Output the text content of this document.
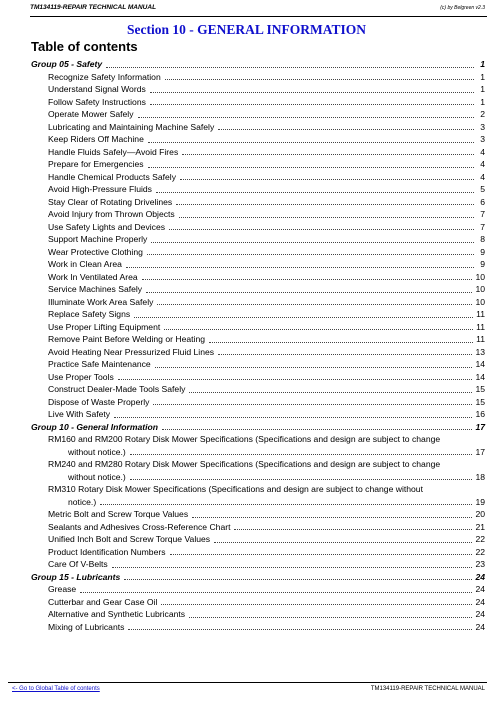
TM134119-REPAIR TECHNICAL MANUAL	(c) by Belgreen v2.3
Section 10 - GENERAL INFORMATION
Table of contents
Group 05 - Safety	1
Recognize Safety Information	1
Understand Signal Words	1
Follow Safety Instructions	1
Operate Mower Safely	2
Lubricating and Maintaining Machine Safely	3
Keep Riders Off Machine	3
Handle Fluids Safely—Avoid Fires	4
Prepare for Emergencies	4
Handle Chemical Products Safely	4
Avoid High-Pressure Fluids	5
Stay Clear of Rotating Drivelines	6
Avoid Injury from Thrown Objects	7
Use Safety Lights and Devices	7
Support Machine Properly	8
Wear Protective Clothing	9
Work in Clean Area	9
Work In Ventilated Area	10
Service Machines Safely	10
Illuminate Work Area Safely	10
Replace Safety Signs	11
Use Proper Lifting Equipment	11
Remove Paint Before Welding or Heating	11
Avoid Heating Near Pressurized Fluid Lines	13
Practice Safe Maintenance	14
Use Proper Tools	14
Construct Dealer-Made Tools Safely	15
Dispose of Waste Properly	15
Live With Safety	16
Group 10 - General Information	17
RM160 and RM200 Rotary Disk Mower Specifications (Specifications and design are subject to change
without notice.)	17
RM240 and RM280 Rotary Disk Mower Specifications (Specifications and design are subject to change
without notice.)	18
RM310 Rotary Disk Mower Specifications (Specifications and design are subject to change without
notice.)	19
Metric Bolt and Screw Torque Values	20
Sealants and Adhesives Cross-Reference Chart	21
Unified Inch Bolt and Screw Torque Values	22
Product Identification Numbers	22
Care Of V-Belts	23
Group 15 - Lubricants	24
Grease	24
Cutterbar and Gear Case Oil	24
Alternative and Synthetic Lubricants	24
Mixing of Lubricants	24
<- Go to Global Table of contents	TM134119-REPAIR TECHNICAL MANUAL
